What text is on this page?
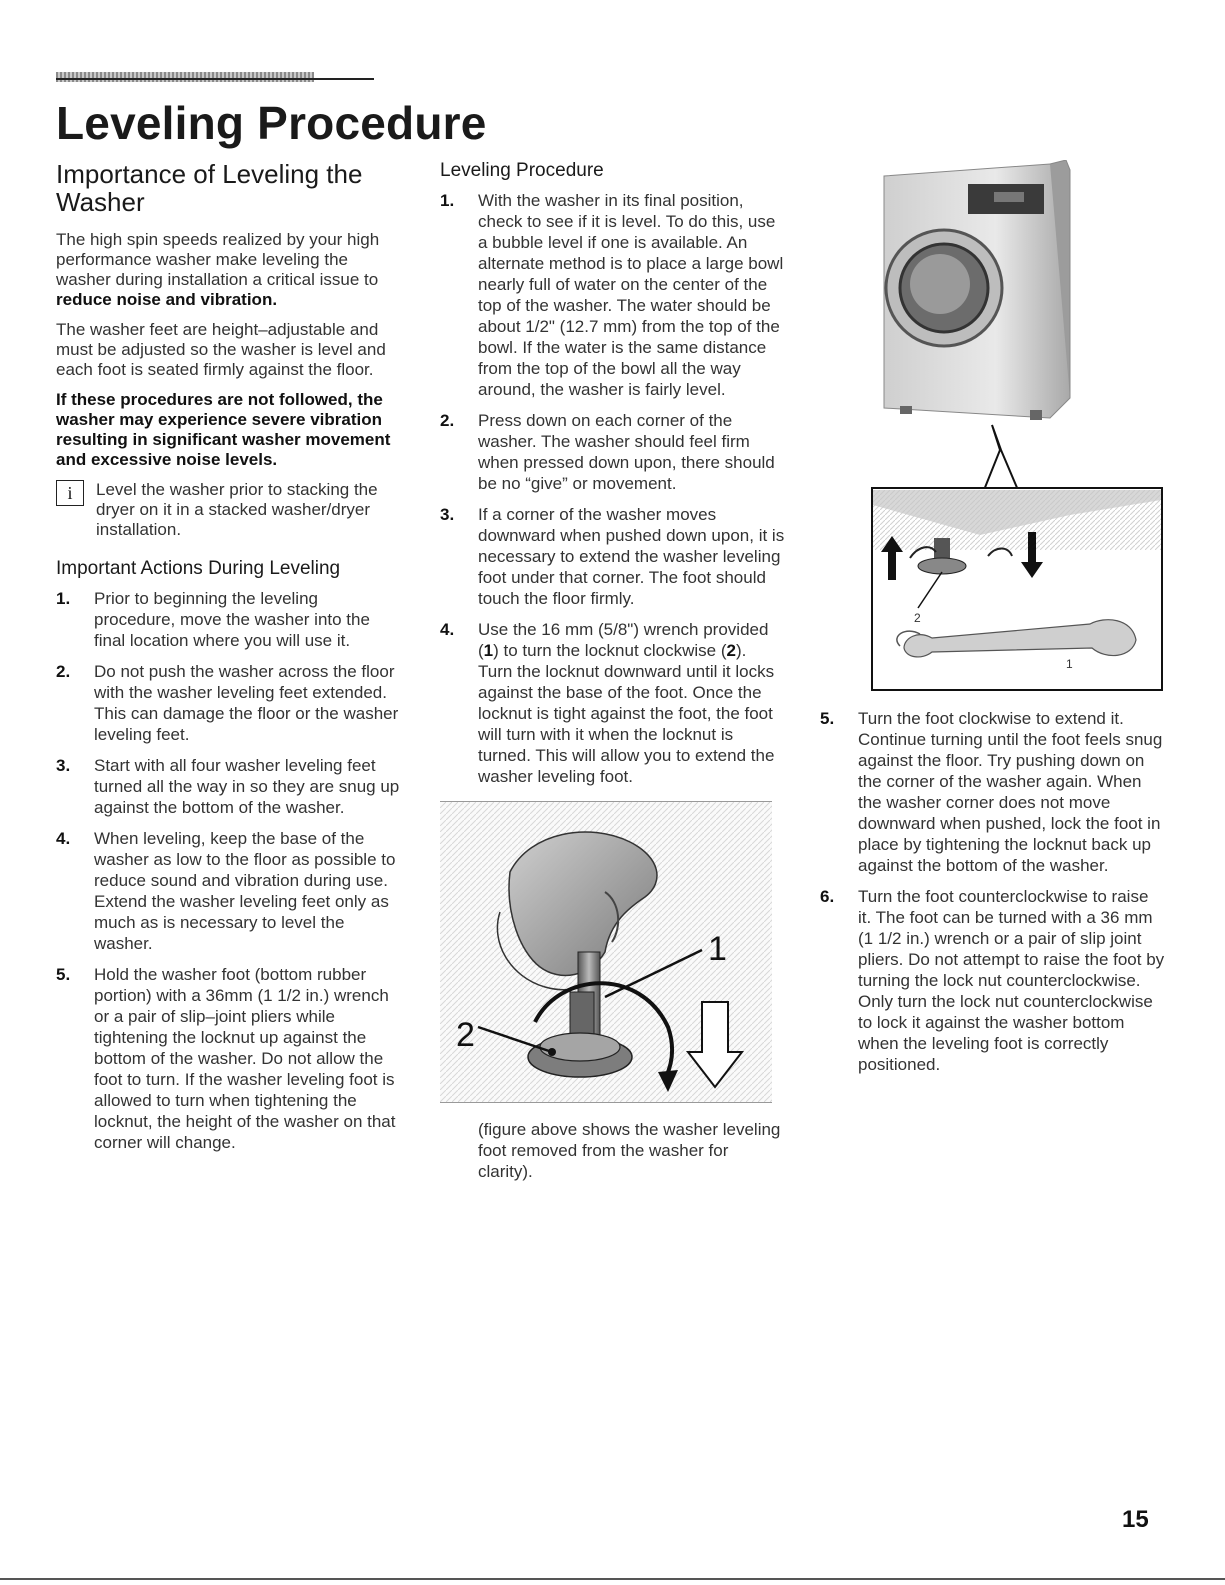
Leveling Procedure
Importance of Leveling the Washer

The high spin speeds realized by your high performance washer make leveling the washer during installation a critical issue to reduce noise and vibration.

The washer feet are height–adjustable and must be adjusted so the washer is level and each foot is seated firmly against the floor.

If these procedures are not followed, the washer may experience severe vibration resulting in significant washer movement and excessive noise levels.
i	Level the washer prior to stacking the dryer on it in a stacked washer/dryer installation.
Important Actions During Leveling
1.	Prior to beginning the leveling procedure, move the washer into the final location where you will use it.
2.	Do not push the washer across the floor with the washer leveling feet extended. This can damage the floor or the washer leveling feet.
3.	Start with all four washer leveling feet turned all the way in so they are snug up against the bottom of the washer.
4.	When leveling, keep the base of the washer as low to the floor as possible to reduce sound and vibration during use. Extend the washer leveling feet only as much as is necessary to level the washer.
5.	Hold the washer foot (bottom rubber portion) with a 36mm (1 1/2 in.) wrench or a pair of slip–joint pliers while tightening the locknut up against the bottom of the washer. Do not allow the foot to turn. If the washer leveling foot is allowed to turn when tightening the locknut, the height of the washer on that corner will change.
Leveling Procedure
1.	With the washer in its final position, check to see if it is level. To do this, use a bubble level if one is available. An alternate method is to place a large bowl nearly full of water on the center of the top of the washer. The water should be about 1/2" (12.7 mm) from the top of the bowl. If the water is the same distance from the top of the bowl all the way around, the washer is fairly level.
2.	Press down on each corner of the washer. The washer should feel firm when pressed down upon, there should be no “give” or movement.
3.	If a corner of the washer moves downward when pushed down upon, it is necessary to extend the washer leveling foot under that corner. The foot should touch the floor firmly.
4.	Use the 16 mm (5/8") wrench provided (1) to turn the locknut clockwise (2). Turn the locknut downward until it locks against the base of the foot. Once the locknut is tight against the foot, the foot will turn with it when the locknut is turned. This will allow you to extend the washer leveling foot.
1
2
(figure above shows the washer leveling foot removed from the washer for clarity).
2
1
5.	Turn the foot clockwise to extend it. Continue turning until the foot feels snug against the floor. Try pushing down on the corner of the washer again. When the washer corner does not move downward when pushed, lock the foot in place by tightening the locknut back up against the bottom of the washer.
6.	Turn the foot counterclockwise to raise it. The foot can be turned with a 36 mm (1 1/2 in.) wrench or a pair of slip joint pliers. Do not attempt to raise the foot by turning the lock nut counterclockwise. Only turn the lock nut counterclockwise to lock it against the washer bottom when the leveling foot is correctly positioned.
15
